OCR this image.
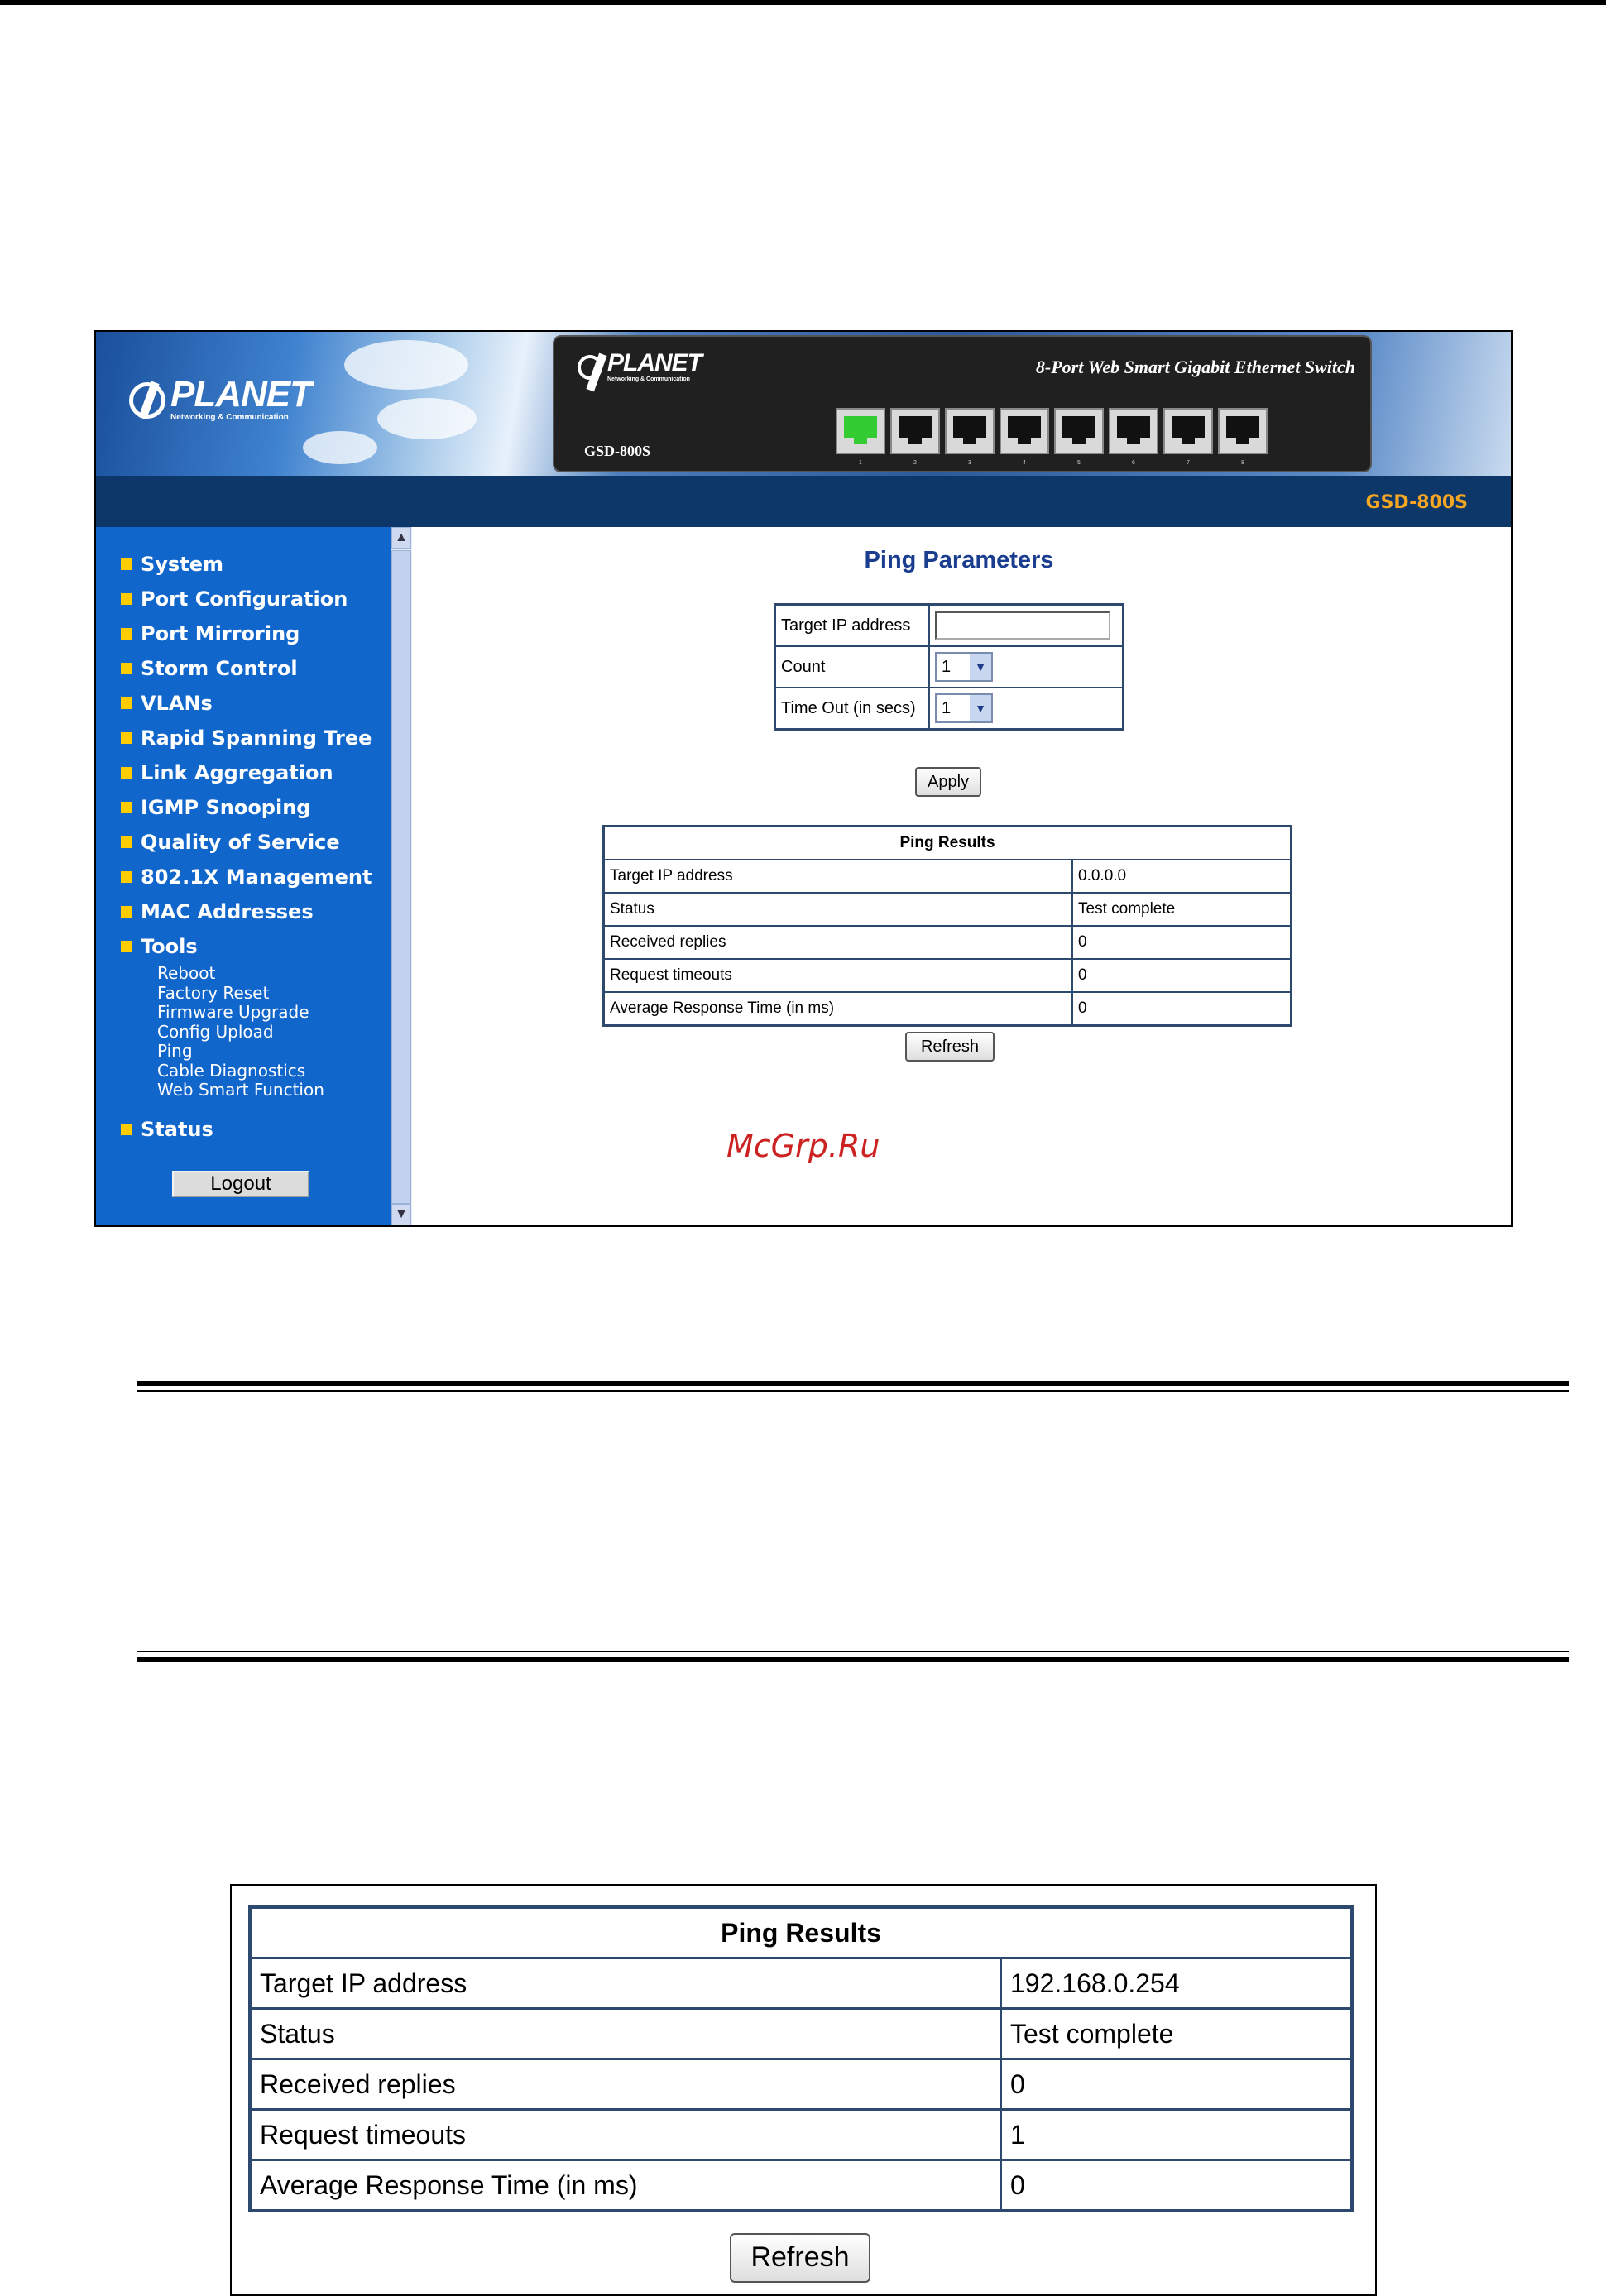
PLANET
Networking & Communication
PLANET
Networking & Communication
8-Port Web Smart Gigabit Ethernet Switch
GSD-800S
1	2	3	4	5	6	7	8
GSD-800S
System
Port Configuration
Port Mirroring
Storm Control
VLANs
Rapid Spanning Tree
Link Aggregation
IGMP Snooping
Quality of Service
802.1X Management
MAC Addresses
Tools
Reboot
Factory Reset
Firmware Upgrade
Config Upload
Ping
Cable Diagnostics
Web Smart Function
Status
Logout
▲
▼
Ping Parameters
Target IP address	
Count	1 ▼

Time Out (in secs)	1 ▼
Apply
Ping Results	
Target IP address	0.0.0.0
Status	Test complete
Received replies	0
Request timeouts	0
Average Response Time (in ms)	0
Refresh
McGrp.Ru
Ping Results	
Target IP address	192.168.0.254
Status	Test complete
Received replies	0
Request timeouts	1
Average Response Time (in ms)	0
Refresh
